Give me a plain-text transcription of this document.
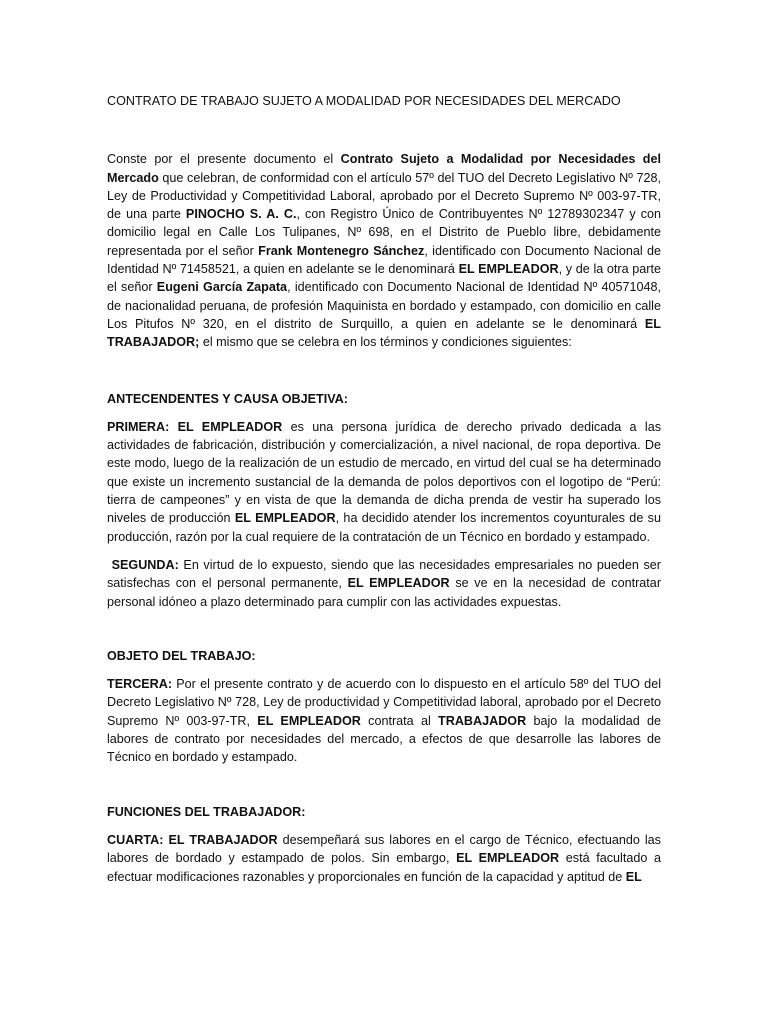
CONTRATO DE TRABAJO SUJETO A MODALIDAD POR NECESIDADES DEL MERCADO

Conste por el presente documento el Contrato Sujeto a Modalidad por Necesidades del Mercado que celebran, de conformidad con el artículo 57º del TUO del Decreto Legislativo Nº 728, Ley de Productividad y Competitividad Laboral, aprobado por el Decreto Supremo Nº 003-97-TR, de una parte PINOCHO S. A. C., con Registro Único de Contribuyentes Nº 12789302347 y con domicilio legal en Calle Los Tulipanes, Nº 698, en el Distrito de Pueblo libre, debidamente representada por el señor Frank Montenegro Sánchez, identificado con Documento Nacional de Identidad Nº 71458521, a quien en adelante se le denominará EL EMPLEADOR, y de la otra parte el señor Eugeni García Zapata, identificado con Documento Nacional de Identidad Nº 40571048, de nacionalidad peruana, de profesión Maquinista en bordado y estampado, con domicilio en calle Los Pitufos Nº 320, en el distrito de Surquillo, a quien en adelante se le denominará EL TRABAJADOR; el mismo que se celebra en los términos y condiciones siguientes:

ANTECENDENTES Y CAUSA OBJETIVA:

PRIMERA: EL EMPLEADOR es una persona jurídica de derecho privado dedicada a las actividades de fabricación, distribución y comercialización, a nivel nacional, de ropa deportiva. De este modo, luego de la realización de un estudio de mercado, en virtud del cual se ha determinado que existe un incremento sustancial de la demanda de polos deportivos con el logotipo de “Perú: tierra de campeones” y en vista de que la demanda de dicha prenda de vestir ha superado los niveles de producción EL EMPLEADOR, ha decidido atender los incrementos coyunturales de su producción, razón por la cual requiere de la contratación de un Técnico en bordado y estampado.

SEGUNDA: En virtud de lo expuesto, siendo que las necesidades empresariales no pueden ser satisfechas con el personal permanente, EL EMPLEADOR se ve en la necesidad de contratar personal idóneo a plazo determinado para cumplir con las actividades expuestas.

OBJETO DEL TRABAJO:

TERCERA: Por el presente contrato y de acuerdo con lo dispuesto en el artículo 58º del TUO del Decreto Legislativo Nº 728, Ley de productividad y Competitividad laboral, aprobado por el Decreto Supremo Nº 003-97-TR, EL EMPLEADOR contrata al TRABAJADOR bajo la modalidad de labores de contrato por necesidades del mercado, a efectos de que desarrolle las labores de Técnico en bordado y estampado.

FUNCIONES DEL TRABAJADOR:

CUARTA: EL TRABAJADOR desempeñará sus labores en el cargo de Técnico, efectuando las labores de bordado y estampado de polos. Sin embargo, EL EMPLEADOR está facultado a efectuar modificaciones razonables y proporcionales en función de la capacidad y aptitud de EL
